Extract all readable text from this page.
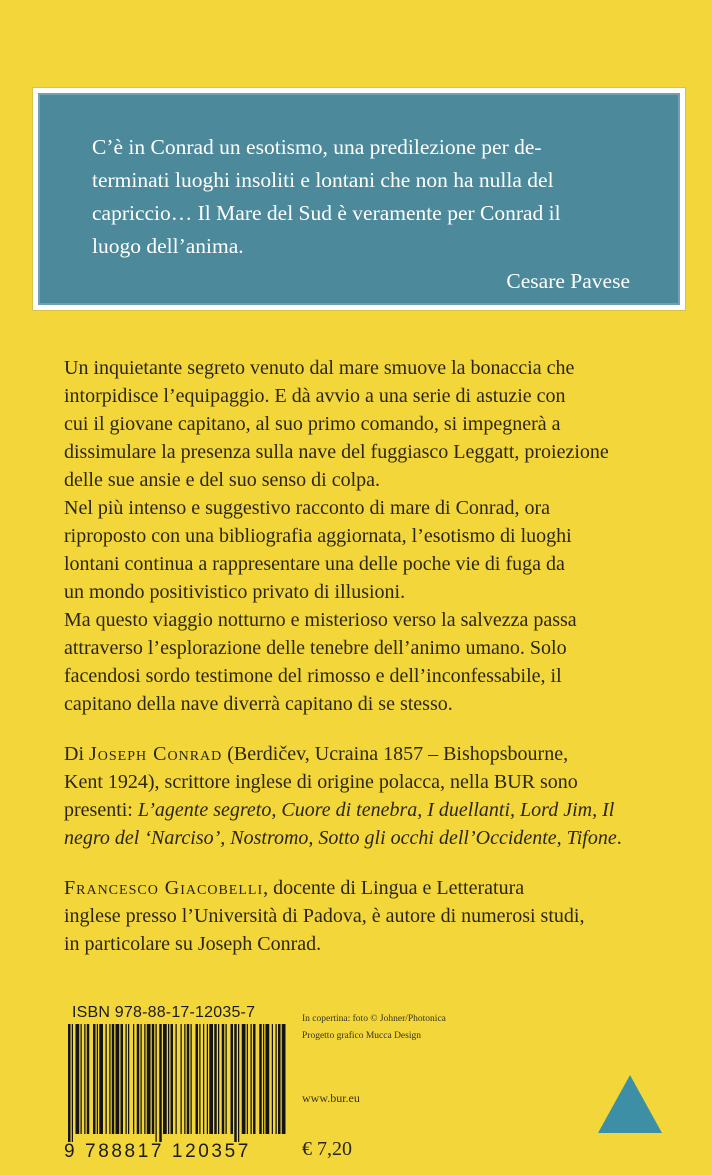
C’è in Conrad un esotismo, una predilezione per de-
terminati luoghi insoliti e lontani che non ha nulla del
capriccio… Il Mare del Sud è veramente per Conrad il
luogo dell’anima.

Cesare Pavese

Un inquietante segreto venuto dal mare smuove la bonaccia che
intorpidisce l’equipaggio. E dà avvio a una serie di astuzie con
cui il giovane capitano, al suo primo comando, si impegnerà a
dissimulare la presenza sulla nave del fuggiasco Leggatt, proiezione
delle sue ansie e del suo senso di colpa.

Nel più intenso e suggestivo racconto di mare di Conrad, ora
riproposto con una bibliografia aggiornata, l’esotismo di luoghi
lontani continua a rappresentare una delle poche vie di fuga da
un mondo positivistico privato di illusioni.

Ma questo viaggio notturno e misterioso verso la salvezza passa
attraverso l’esplorazione delle tenebre dell’animo umano. Solo
facendosi sordo testimone del rimosso e dell’inconfessabile, il
capitano della nave diverrà capitano di se stesso.

Di Joseph Conrad (Berdičev, Ucraina 1857 – Bishopsbourne,
Kent 1924), scrittore inglese di origine polacca, nella BUR sono
presenti: L’agente segreto, Cuore di tenebra, I duellanti, Lord Jim, Il
negro del ‘Narciso’, Nostromo, Sotto gli occhi dell’Occidente, Tifone.

Francesco Giacobelli, docente di Lingua e Letteratura
inglese presso l’Università di Padova, è autore di numerosi studi,
in particolare su Joseph Conrad.

ISBN 978-88-17-12035-7
9 788817 120357
In copertina: foto © Johner/Photonica
Progetto grafico Mucca Design
www.bur.eu
€ 7,20
